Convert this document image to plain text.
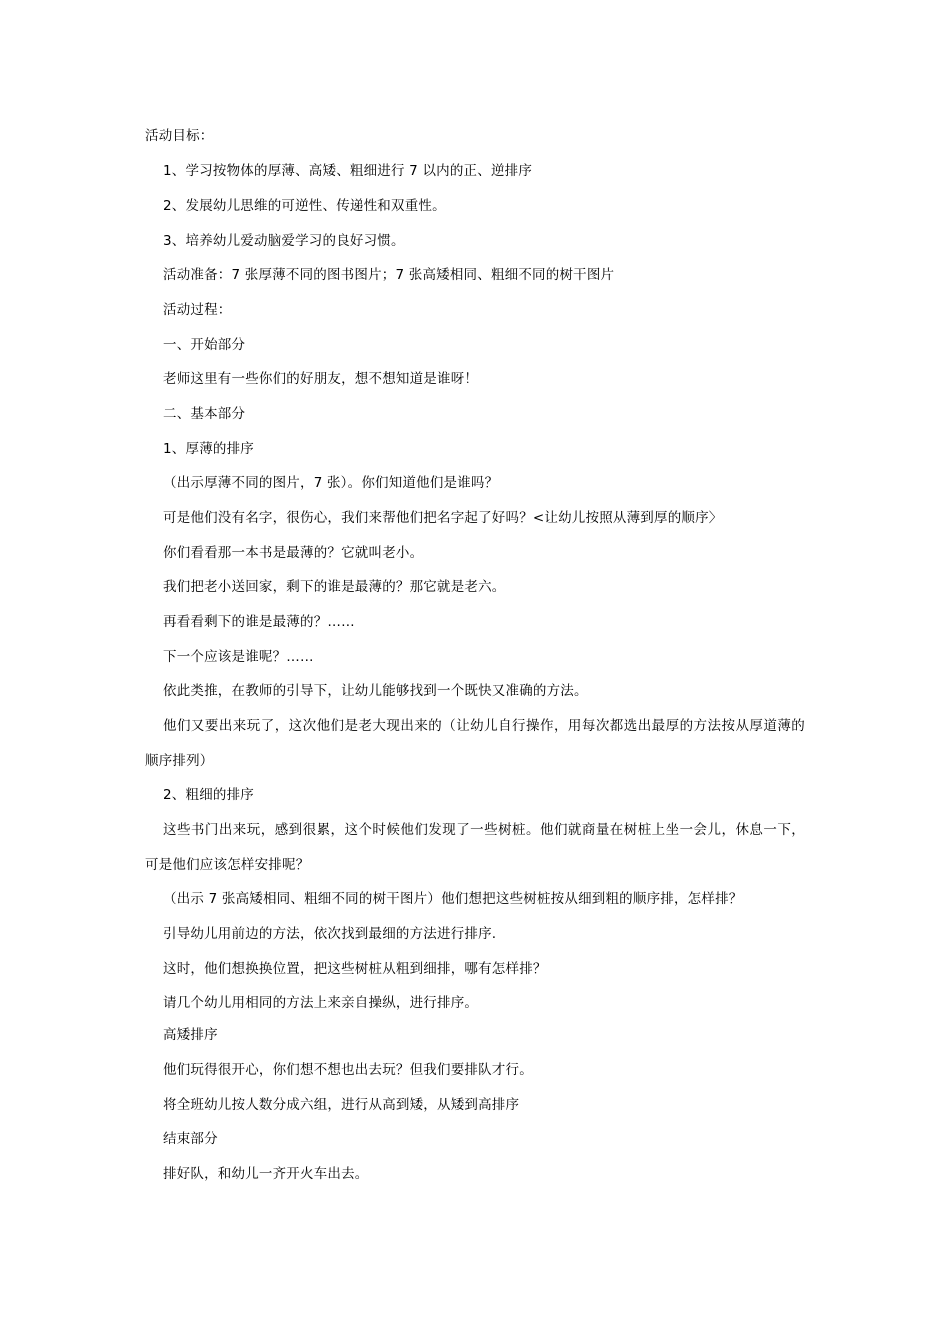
活动目标：
1、学习按物体的厚薄、高矮、粗细进行 7 以内的正、逆排序
2、发展幼儿思维的可逆性、传递性和双重性。
3、培养幼儿爱动脑爱学习的良好习惯。
活动准备：7 张厚薄不同的图书图片；7 张高矮相同、粗细不同的树干图片
活动过程：
一、开始部分
老师这里有一些你们的好朋友，想不想知道是谁呀！
二、基本部分
1、厚薄的排序
（出示厚薄不同的图片，7 张）。你们知道他们是谁吗？
可是他们没有名字，很伤心，我们来帮他们把名字起了好吗？<让幼儿按照从薄到厚的顺序〉
你们看看那一本书是最薄的？它就叫老小。
我们把老小送回家，剩下的谁是最薄的？那它就是老六。
再看看剩下的谁是最薄的？……
下一个应该是谁呢？……
依此类推，在教师的引导下，让幼儿能够找到一个既快又准确的方法。
他们又要出来玩了，这次他们是老大现出来的（让幼儿自行操作，用每次都选出最厚的方法按从厚道薄的
顺序排列）
2、粗细的排序
这些书门出来玩，感到很累，这个时候他们发现了一些树桩。他们就商量在树桩上坐一会儿，休息一下，
可是他们应该怎样安排呢？
（出示 7 张高矮相同、粗细不同的树干图片）他们想把这些树桩按从细到粗的顺序排，怎样排？
引导幼儿用前边的方法，依次找到最细的方法进行排序.
这时，他们想换换位置，把这些树桩从粗到细排，哪有怎样排？
请几个幼儿用相同的方法上来亲自操纵，进行排序。
高矮排序
他们玩得很开心，你们想不想也出去玩？但我们要排队才行。
将全班幼儿按人数分成六组，进行从高到矮，从矮到高排序
结束部分
排好队，和幼儿一齐开火车出去。
